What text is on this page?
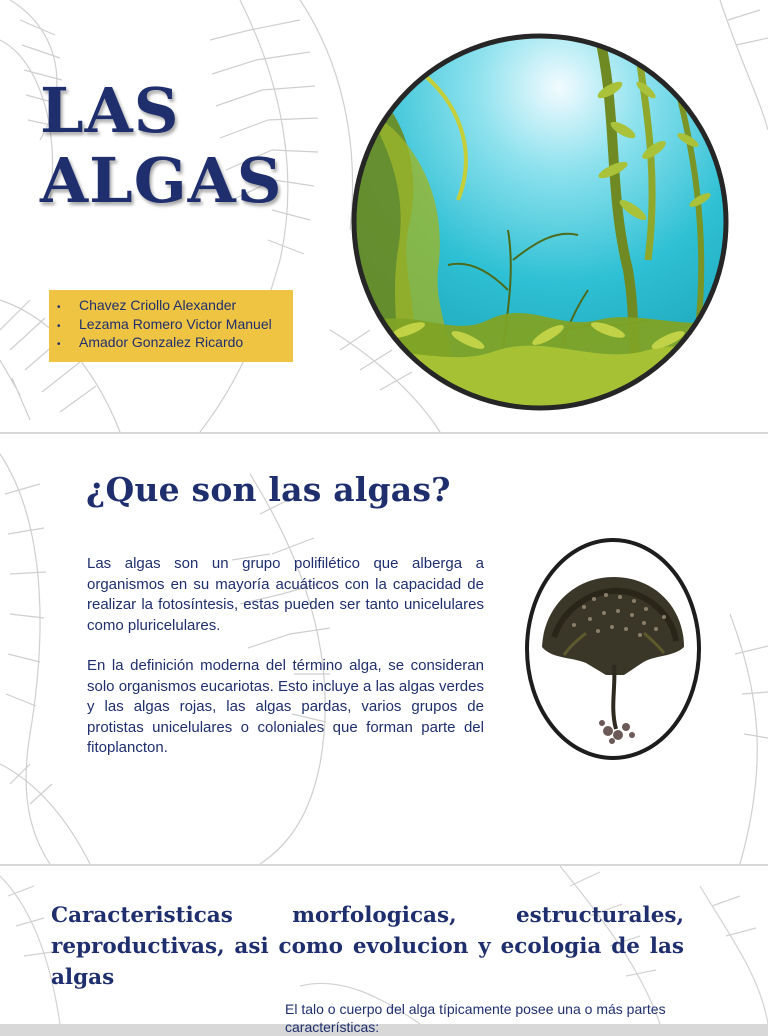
LAS
ALGAS
• Chavez Criollo Alexander
• Lezama Romero Victor Manuel
• Amador Gonzalez Ricardo
¿Que son las algas?

Las algas son un grupo polifilético que alberga a organismos en su mayoría acuáticos con la capacidad de realizar la fotosíntesis, estas pueden ser tanto unicelulares como pluricelulares.

En la definición moderna del término alga, se consideran solo organismos eucariotas. Esto incluye a las algas verdes y las algas rojas, las algas pardas, varios grupos de protistas unicelulares o coloniales que forman parte del fitoplancton.

Caracteristicas morfologicas, estructurales, reproductivas, asi como evolucion y ecologia de las algas

El talo o cuerpo del alga típicamente posee una o más partes características:
